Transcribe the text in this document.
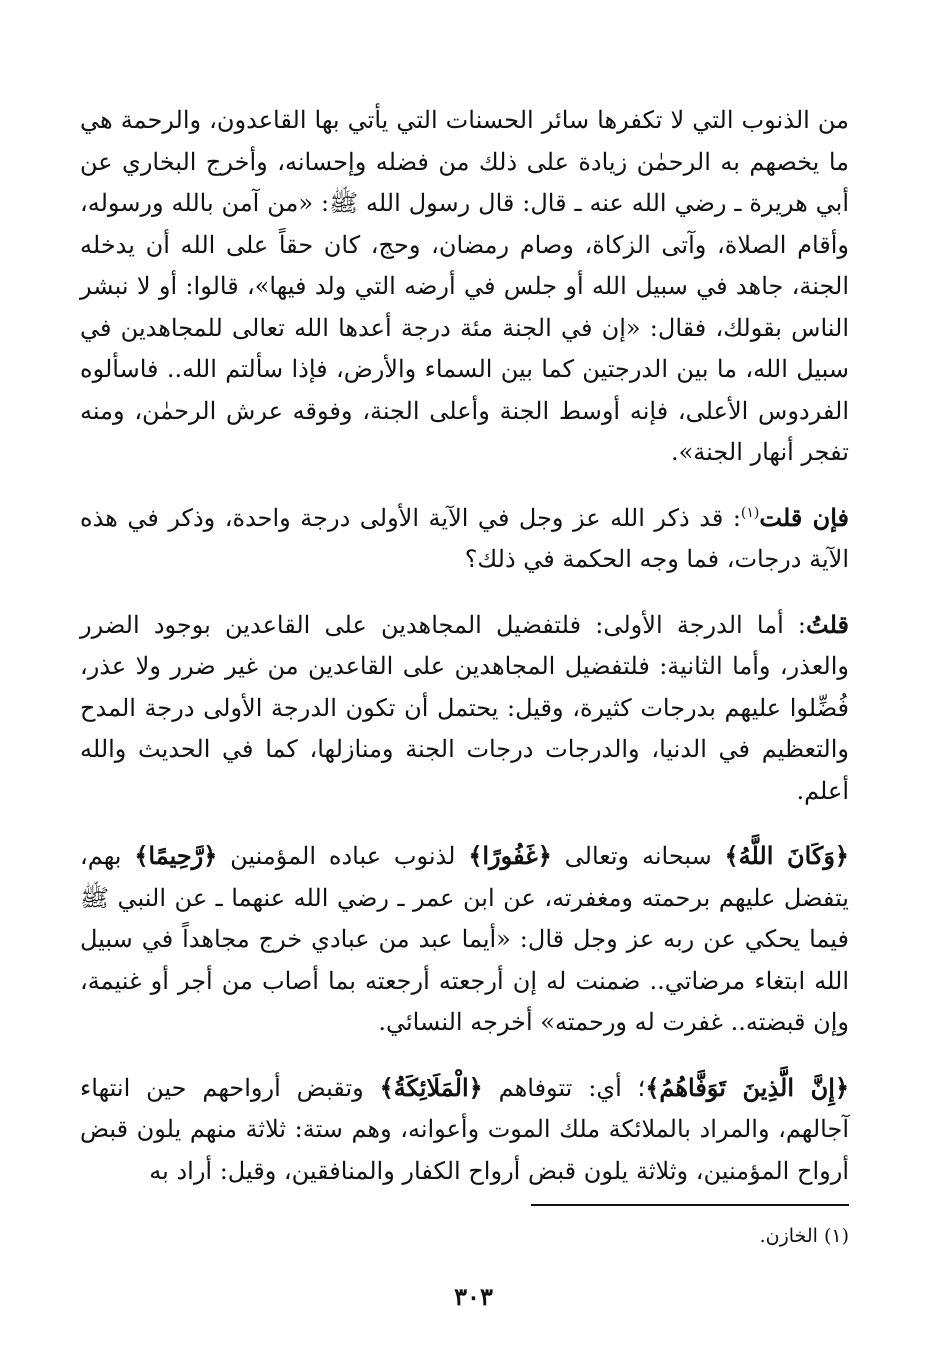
من الذنوب التي لا تكفرها سائر الحسنات التي يأتي بها القاعدون، والرحمة هي ما يخصهم به الرحمٰن زيادة على ذلك من فضله وإحسانه، وأخرج البخاري عن أبي هريرة ـ رضي الله عنه ـ قال: قال رسول الله ﷺ: «من آمن بالله ورسوله، وأقام الصلاة، وآتى الزكاة، وصام رمضان، وحج، كان حقاً على الله أن يدخله الجنة، جاهد في سبيل الله أو جلس في أرضه التي ولد فيها»، قالوا: أو لا نبشر الناس بقولك، فقال: «إن في الجنة مئة درجة أعدها الله تعالى للمجاهدين في سبيل الله، ما بين الدرجتين كما بين السماء والأرض، فإذا سألتم الله.. فاسألوه الفردوس الأعلى، فإنه أوسط الجنة وأعلى الجنة، وفوقه عرش الرحمٰن، ومنه تفجر أنهار الجنة».

فإن قلت$^{(١)}$: قد ذكر الله عز وجل في الآية الأولى درجة واحدة، وذكر في هذه الآية درجات، فما وجه الحكمة في ذلك؟

قلتُ: أما الدرجة الأولى: فلتفضيل المجاهدين على القاعدين بوجود الضرر والعذر، وأما الثانية: فلتفضيل المجاهدين على القاعدين من غير ضرر ولا عذر، فُضِّلوا عليهم بدرجات كثيرة، وقيل: يحتمل أن تكون الدرجة الأولى درجة المدح والتعظيم في الدنيا، والدرجات درجات الجنة ومنازلها، كما في الحديث والله أعلم.

﴿وَكَانَ اللَّهُ﴾ سبحانه وتعالى ﴿غَفُورًا﴾ لذنوب عباده المؤمنين ﴿رَّحِيمًا﴾ بهم، يتفضل عليهم برحمته ومغفرته، عن ابن عمر ـ رضي الله عنهما ـ عن النبي ﷺ فيما يحكي عن ربه عز وجل قال: «أيما عبد من عبادي خرج مجاهداً في سبيل الله ابتغاء مرضاتي.. ضمنت له إن أرجعته أرجعته بما أصاب من أجر أو غنيمة، وإن قبضته.. غفرت له ورحمته» أخرجه النسائي.

﴿إِنَّ الَّذِينَ تَوَفَّاهُمُ﴾؛ أي: تتوفاهم ﴿الْمَلَائِكَةُ﴾ وتقبض أرواحهم حين انتهاء آجالهم، والمراد بالملائكة ملك الموت وأعوانه، وهم ستة: ثلاثة منهم يلون قبض أرواح المؤمنين، وثلاثة يلون قبض أرواح الكفار والمنافقين، وقيل: أراد به

(١) الخازن.
٣٠٣
